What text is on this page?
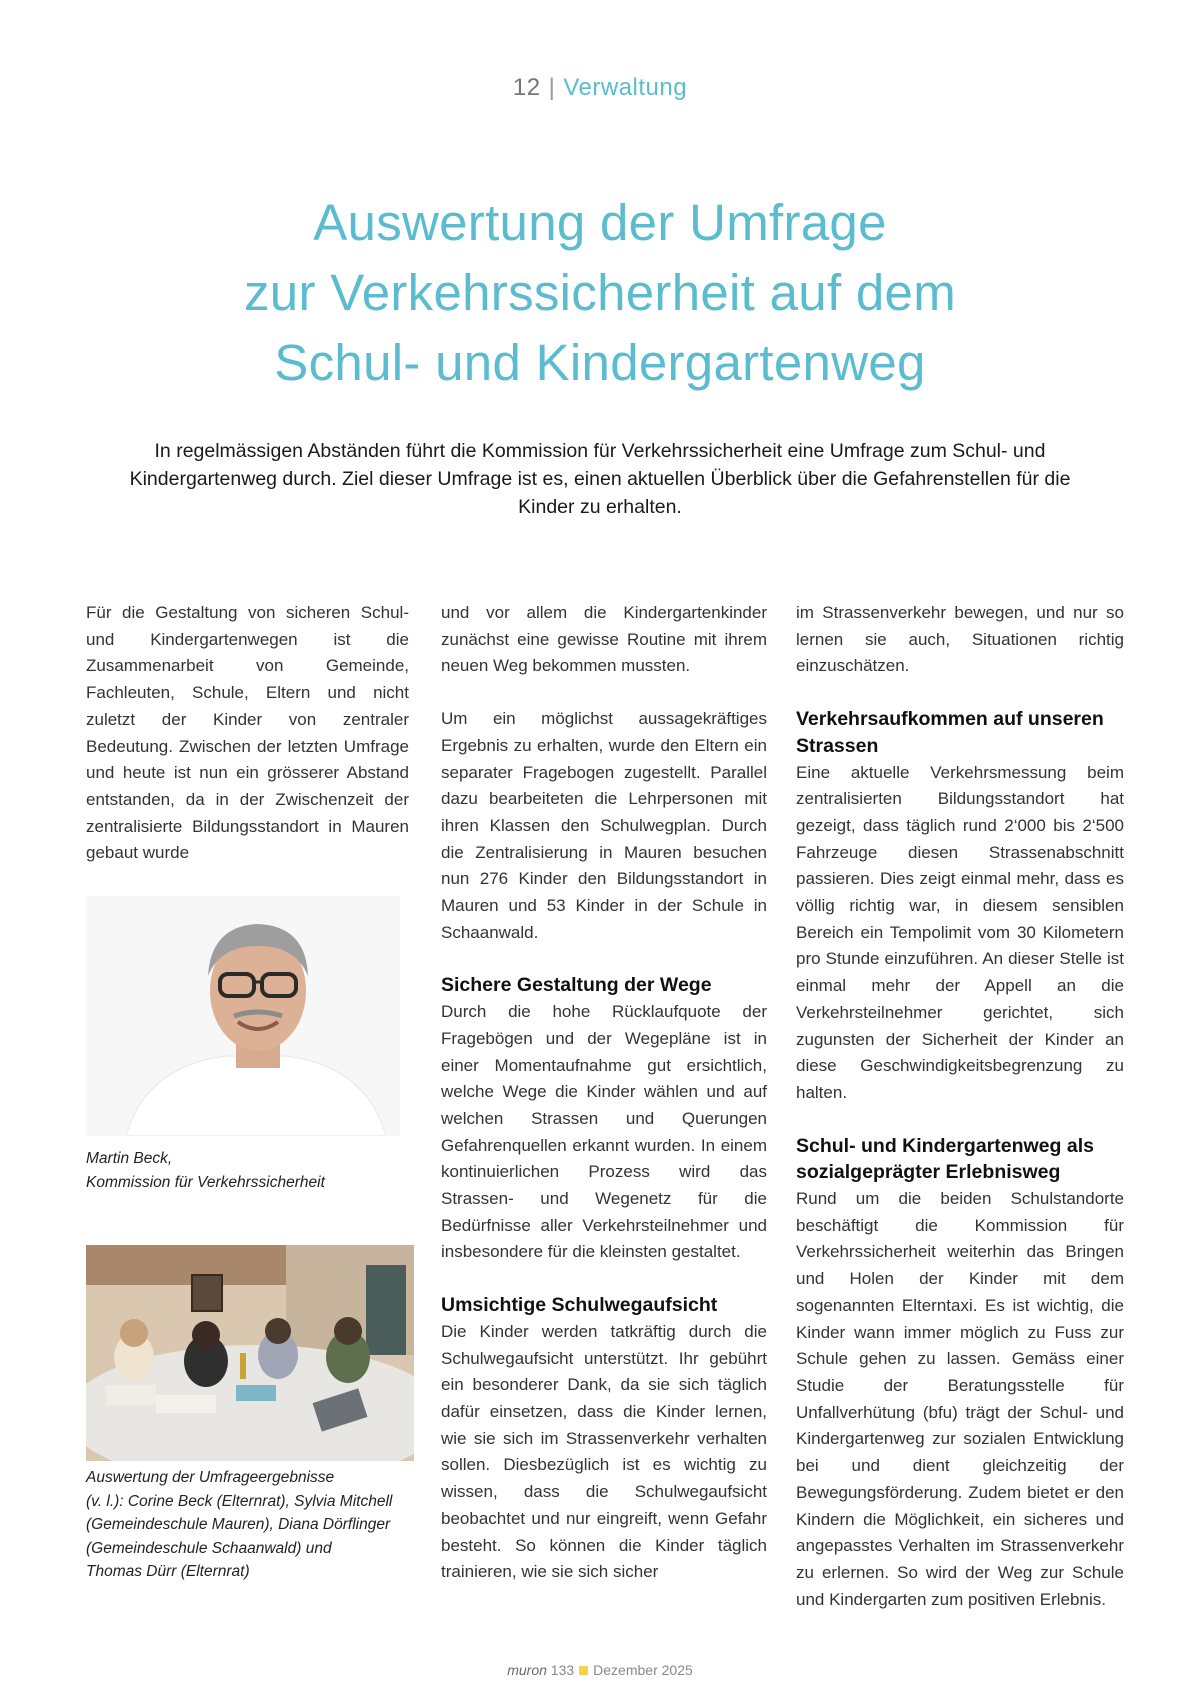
12 | Verwaltung
Auswertung der Umfrage
zur Verkehrssicherheit auf dem
Schul- und Kindergartenweg
In regelmässigen Abständen führt die Kommission für Verkehrssicherheit eine Umfrage zum Schul- und Kindergartenweg durch. Ziel dieser Umfrage ist es, einen aktuellen Überblick über die Gefahrenstellen für die Kinder zu erhalten.

Für die Gestaltung von sicheren Schul- und Kindergartenwegen ist die Zusammenarbeit von Gemeinde, Fachleuten, Schule, Eltern und nicht zuletzt der Kinder von zentraler Bedeutung. Zwischen der letzten Umfrage und heute ist nun ein grösserer Abstand entstanden, da in der Zwischenzeit der zentralisierte Bildungsstandort in Mauren gebaut wurde

Martin Beck,
Kommission für Verkehrssicherheit
Auswertung der Umfrageergebnisse
(v. l.): Corine Beck (Elternrat), Sylvia Mitchell
(Gemeindeschule Mauren), Diana Dörflinger
(Gemeindeschule Schaanwald) und
Thomas Dürr (Elternrat)

und vor allem die Kindergartenkinder zunächst eine gewisse Routine mit ihrem neuen Weg bekommen mussten.

Um ein möglichst aussagekräftiges Ergebnis zu erhalten, wurde den Eltern ein separater Fragebogen zugestellt. Parallel dazu bearbeiteten die Lehrpersonen mit ihren Klassen den Schulwegplan. Durch die Zentralisierung in Mauren besuchen nun 276 Kinder den Bildungsstandort in Mauren und 53 Kinder in der Schule in Schaanwald.

Sichere Gestaltung der Wege

Durch die hohe Rücklaufquote der Fragebögen und der Wegepläne ist in einer Momentaufnahme gut ersichtlich, welche Wege die Kinder wählen und auf welchen Strassen und Querungen Gefahrenquellen erkannt wurden. In einem kontinuierlichen Prozess wird das Strassen- und Wegenetz für die Bedürfnisse aller Verkehrsteilnehmer und insbesondere für die kleinsten gestaltet.

Umsichtige Schulwegaufsicht

Die Kinder werden tatkräftig durch die Schulwegaufsicht unterstützt. Ihr gebührt ein besonderer Dank, da sie sich täglich dafür einsetzen, dass die Kinder lernen, wie sie sich im Strassenverkehr verhalten sollen. Diesbezüglich ist es wichtig zu wissen, dass die Schulwegaufsicht beobachtet und nur eingreift, wenn Gefahr besteht. So können die Kinder täglich trainieren, wie sie sich sicher

im Strassenverkehr bewegen, und nur so lernen sie auch, Situationen richtig einzuschätzen.

Verkehrsaufkommen auf unseren Strassen

Eine aktuelle Verkehrsmessung beim zentralisierten Bildungsstandort hat gezeigt, dass täglich rund 2‘000 bis 2‘500 Fahrzeuge diesen Strassenabschnitt passieren. Dies zeigt einmal mehr, dass es völlig richtig war, in diesem sensiblen Bereich ein Tempolimit vom 30 Kilometern pro Stunde einzuführen. An dieser Stelle ist einmal mehr der Appell an die Verkehrsteilnehmer gerichtet, sich zugunsten der Sicherheit der Kinder an diese Geschwindigkeitsbegrenzung zu halten.

Schul- und Kindergartenweg als sozialgeprägter Erlebnisweg

Rund um die beiden Schulstandorte beschäftigt die Kommission für Verkehrssicherheit weiterhin das Bringen und Holen der Kinder mit dem sogenannten Elterntaxi. Es ist wichtig, die Kinder wann immer möglich zu Fuss zur Schule gehen zu lassen. Gemäss einer Studie der Beratungsstelle für Unfallverhütung (bfu) trägt der Schul- und Kindergartenweg zur sozialen Entwicklung bei und dient gleichzeitig der Bewegungsförderung. Zudem bietet er den Kindern die Möglichkeit, ein sicheres und angepasstes Verhalten im Strassenverkehr zu erlernen. So wird der Weg zur Schule und Kindergarten zum positiven Erlebnis.

muron 133 Dezember 2025
